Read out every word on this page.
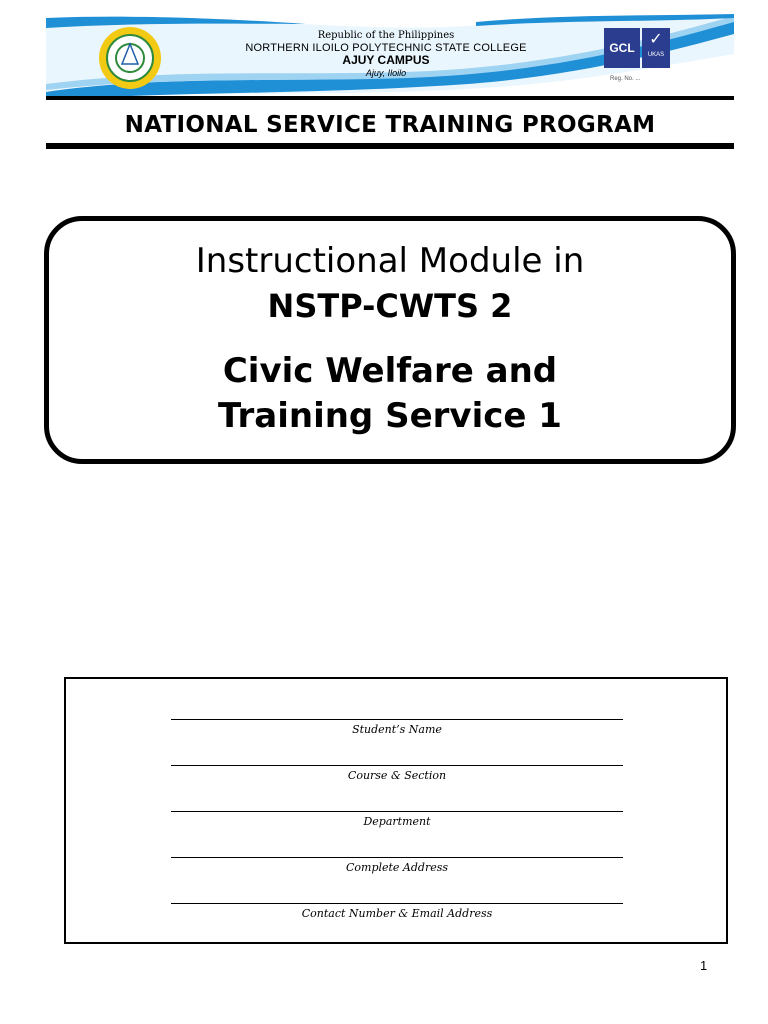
Republic of the Philippines
NORTHERN ILOILO POLYTECHNIC STATE COLLEGE
AJUY CAMPUS
Ajuy, Iloilo
GCL ✓
UKAS
Reg. No. ...
NATIONAL SERVICE TRAINING PROGRAM
Instructional Module in
NSTP-CWTS 2
Civic Welfare and
Training Service 1
Student’s Name
Course & Section
Department
Complete Address
Contact Number & Email Address
1
